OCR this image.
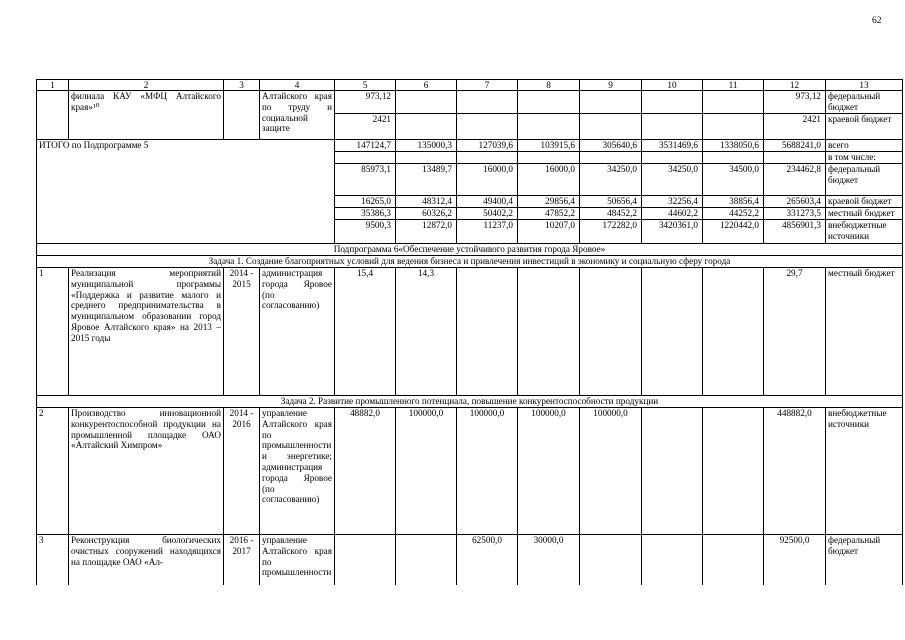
62
1	2	3	4	5	6	7	8	9	10	11	12	13
	филиала КАУ «МФЦ Алтайского края»¹⁰		Алтайского края по труду и социальной защите	973,12							973,12	федеральный бюджет
				2421							2421	краевой бюджет
ИТОГО по Подпрограмме 5				147124,7	135000,3	127039,6	103915,6	305640,6	3531469,6	1338050,6	5688241,0	всего
												в том числе:
				85973,1	13489,7	16000,0	16000,0	34250,0	34250,0	34500,0	234462,8	федеральный бюджет
				16265,0	48312,4	49400,4	29856,4	50656,4	32256,4	38856,4	265603,4	краевой бюджет
				35386,3	60326,2	50402,2	47852,2	48452,2	44602,2	44252,2	331273,5	местный бюджет
				9500,3	12872,0	11237,0	10207,0	172282,0	3420361,0	1220442,0	4856901,3	внебюджетные источники
Подпрограмма 6«Обеспечение устойчивого развития города Яровое»												
Задача 1. Создание благоприятных условий для ведения бизнеса и привлечения инвестиций в экономику и социальную сферу города												
1	Реализация мероприятий муниципальной программы «Поддержка и развитие малого и среднего предпринимательства в муниципальном образовании город Яровое Алтайского края» на 2013 – 2015 годы	2014 - 2015	администрация города Яровое (по согласованию)	15,4	14,3						29,7	местный бюджет
Задача 2. Развитие промышленного потенциала, повышение конкурентоспособности продукции												
2	Производство инновационной конкурентоспособной продукции на промышленной площадке ОАО «Алтайский Химпром»	2014 - 2016	управление Алтайского края по промышленности и энергетике; администрация города Яровое (по согласованию)	48882,0	100000,0	100000,0	100000,0	100000,0			448882,0	внебюджетные источники
3	Реконструкция биологических очистных сооружений находящихся на площадке ОАО «Ал-	2016 - 2017	управление Алтайского края по промышленности			62500,0	30000,0				92500,0	федеральный бюджет
